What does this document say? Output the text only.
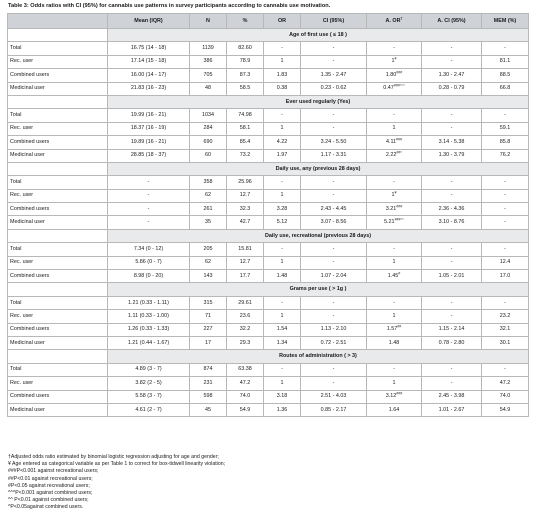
Table 3: Odds ratios with CI (95%) for cannabis use patterns in survey participants according to cannabis use motivation.
	Mean (IQR)	N	%	OR	CI (95%)	A. OR†	A. CI (95%)	MEM (%)
	Age of first use ( ≤ 18 )							
Total	16.75 (14 - 18)	1139	82.60	-	-	-	-	-
Rec. user	17.14 (15 - 18)	386	78.9	1	-	1¥	-	81.1
Combined users	16.00 (14 - 17)	705	87.3	1.83	1.35 - 2.47	1.80###	1.30 - 2.47	88.5
Medicinal user	21.83 (16 - 23)	48	58.5	0.38	0.23 - 0.62	0.47###^^^	0.28 - 0.79	66.8
	Ever used regularly (Yes)							
Total	19.99 (16 - 21)	1034	74.98	-	-	-	-	-
Rec. user	18.37 (16 - 19)	284	58.1	1	-	1	-	59.1
Combined users	19.89 (16 - 21)	690	85.4	4.22	3.24 - 5.50	4.11###	3.14 - 5.38	85.8
Medicinal user	28.85 (18 - 37)	60	73.2	1.97	1.17 - 3.31	2.22##^	1.30 - 3.79	76.2
	Daily use, any (previous 28 days)							
Total	-	358	25.96	-	-	-	-	-
Rec. user	-	62	12.7	1	-	1¥	-	-
Combined users	-	261	32.3	3.28	2.43 - 4.45	3.21###	2.36 - 4.36	-
Medicinal user	-	35	42.7	5.12	3.07 - 8.56	5.21###^^	3.10 - 8.76	-
	Daily use, recreational (previous 28 days)							
Total	7.34 (0 - 12)	205	15.81	-	-	-	-	-
Rec. user	5.86 (0 - 7)	62	12.7	1	-	1	-	12.4
Combined users	8.98 (0 - 20)	143	17.7	1.48	1.07 - 2.04	1.45#	1.05 - 2.01	17.0
	Grams per use ( > 1g )							
Total	1.21 (0.33 - 1.11)	315	29.61	-	-	-	-	-
Rec. user	1.11 (0.33 - 1.00)	71	23.6	1	-	1	-	23.2
Combined users	1.26 (0.33 - 1.33)	227	32.2	1.54	1.13 - 2.10	1.57##	1.15 - 2.14	32.1
Medicinal user	1.21 (0.44 - 1.67)	17	29.3	1.34	0.72 - 2.51	1.48	0.78 - 2.80	30.1
	Routes of administration ( > 3)							
Total	4.89 (3 - 7)	874	63.38	-	-	-	-	-
Rec. user	3.82 (2 - 5)	231	47.2	1	-	1	-	47.2
Combined users	5.58 (3 - 7)	598	74.0	3.18	2.51 - 4.03	3.12###	2.45 - 3.98	74.0
Medicinal user	4.61 (2 - 7)	45	54.9	1.36	0.85 - 2.17	1.64	1.01 - 2.67	54.9
†Adjusted odds ratio estimated by binomial logistic regression adjusting for age and gender;
¥ Age entered as categorical variable as per Table 1 to correct for box-tidwell linearity violation;
###P<0.001 against recreational users;
##P<0.01 against recreational users;
#P<0.05 against recreational users;
^^^P<0.001 against combined users;
^^ P<0.01 against combined users;
^P<0.05against combined users.
